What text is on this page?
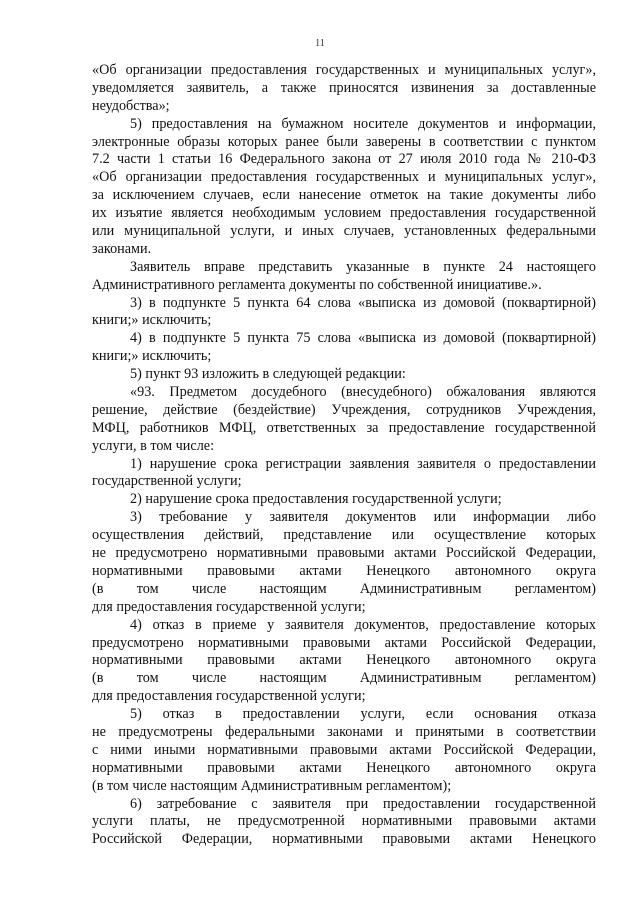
11
«Об организации предоставления государственных и муниципальных услуг»,
уведомляется заявитель, а также приносятся извинения за доставленные
неудобства»;
5) предоставления на бумажном носителе документов и информации,
электронные образы которых ранее были заверены в соответствии с пунктом
7.2 части 1 статьи 16 Федерального закона от 27 июля 2010 года № 210-ФЗ
«Об организации предоставления государственных и муниципальных услуг»,
за исключением случаев, если нанесение отметок на такие документы либо
их изъятие является необходимым условием предоставления государственной
или муниципальной услуги, и иных случаев, установленных федеральными
законами.
Заявитель вправе представить указанные в пункте 24 настоящего
Административного регламента документы по собственной инициативе.».
3) в подпункте 5 пункта 64 слова «выписка из домовой (поквартирной)
книги;» исключить;
4) в подпункте 5 пункта 75 слова «выписка из домовой (поквартирной)
книги;» исключить;
5) пункт 93 изложить в следующей редакции:
«93. Предметом досудебного (внесудебного) обжалования являются
решение, действие (бездействие) Учреждения, сотрудников Учреждения,
МФЦ, работников МФЦ, ответственных за предоставление государственной
услуги, в том числе:
1) нарушение срока регистрации заявления заявителя о предоставлении
государственной услуги;
2) нарушение срока предоставления государственной услуги;
3) требование у заявителя документов или информации либо
осуществления действий, представление или осуществление которых
не предусмотрено нормативными правовыми актами Российской Федерации,
нормативными правовыми актами Ненецкого автономного округа
(в том числе настоящим Административным регламентом)
для предоставления государственной услуги;
4) отказ в приеме у заявителя документов, предоставление которых
предусмотрено нормативными правовыми актами Российской Федерации,
нормативными правовыми актами Ненецкого автономного округа
(в том числе настоящим Административным регламентом)
для предоставления государственной услуги;
5) отказ в предоставлении услуги, если основания отказа
не предусмотрены федеральными законами и принятыми в соответствии
с ними иными нормативными правовыми актами Российской Федерации,
нормативными правовыми актами Ненецкого автономного округа
(в том числе настоящим Административным регламентом);
6) затребование с заявителя при предоставлении государственной
услуги платы, не предусмотренной нормативными правовыми актами
Российской Федерации, нормативными правовыми актами Ненецкого
